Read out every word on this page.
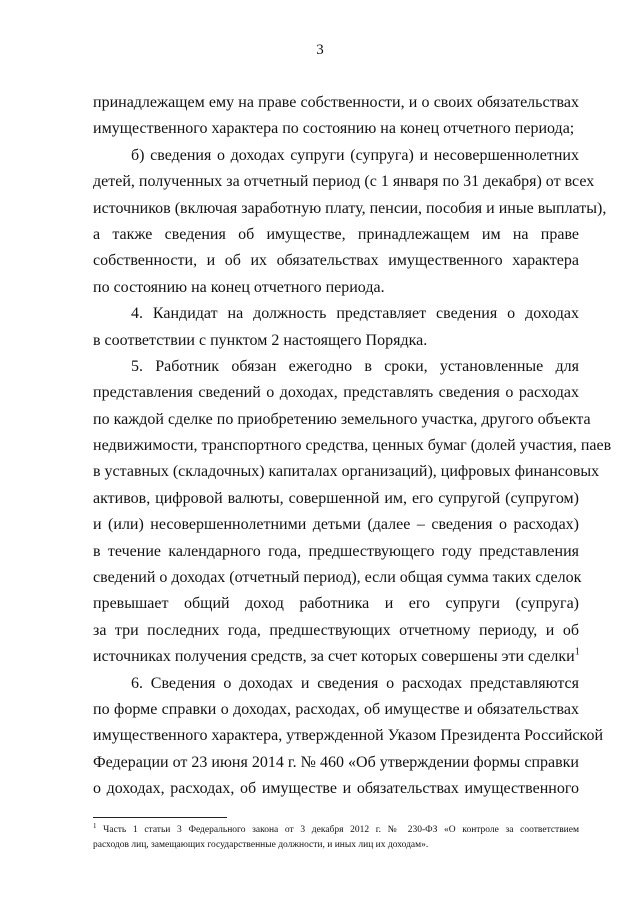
3
принадлежащем ему на праве собственности, и о своих обязательствах
имущественного характера по состоянию на конец отчетного периода;
б) сведения о доходах супруги (супруга) и несовершеннолетних
детей, полученных за отчетный период (с 1 января по 31 декабря) от всех
источников (включая заработную плату, пенсии, пособия и иные выплаты),
а также сведения об имуществе, принадлежащем им на праве
собственности, и об их обязательствах имущественного характера
по состоянию на конец отчетного периода.
4. Кандидат на должность представляет сведения о доходах
в соответствии с пунктом 2 настоящего Порядка.
5. Работник обязан ежегодно в сроки, установленные для
представления сведений о доходах, представлять сведения о расходах
по каждой сделке по приобретению земельного участка, другого объекта
недвижимости, транспортного средства, ценных бумаг (долей участия, паев
в уставных (складочных) капиталах организаций), цифровых финансовых
активов, цифровой валюты, совершенной им, его супругой (супругом)
и (или) несовершеннолетними детьми (далее – сведения о расходах)
в течение календарного года, предшествующего году представления
сведений о доходах (отчетный период), если общая сумма таких сделок
превышает общий доход работника и его супруги (супруга)
за три последних года, предшествующих отчетному периоду, и об
источниках получения средств, за счет которых совершены эти сделки$^1$
6. Сведения о доходах и сведения о расходах представляются
по форме справки о доходах, расходах, об имуществе и обязательствах
имущественного характера, утвержденной Указом Президента Российской
Федерации от 23 июня 2014 г. № 460 «Об утверждении формы справки
о доходах, расходах, об имуществе и обязательствах имущественного
$^1$ Часть 1 статьи 3 Федерального закона от 3 декабря 2012 г. № 230-ФЗ «О контроле за соответствием
расходов лиц, замещающих государственные должности, и иных лиц их доходам».
